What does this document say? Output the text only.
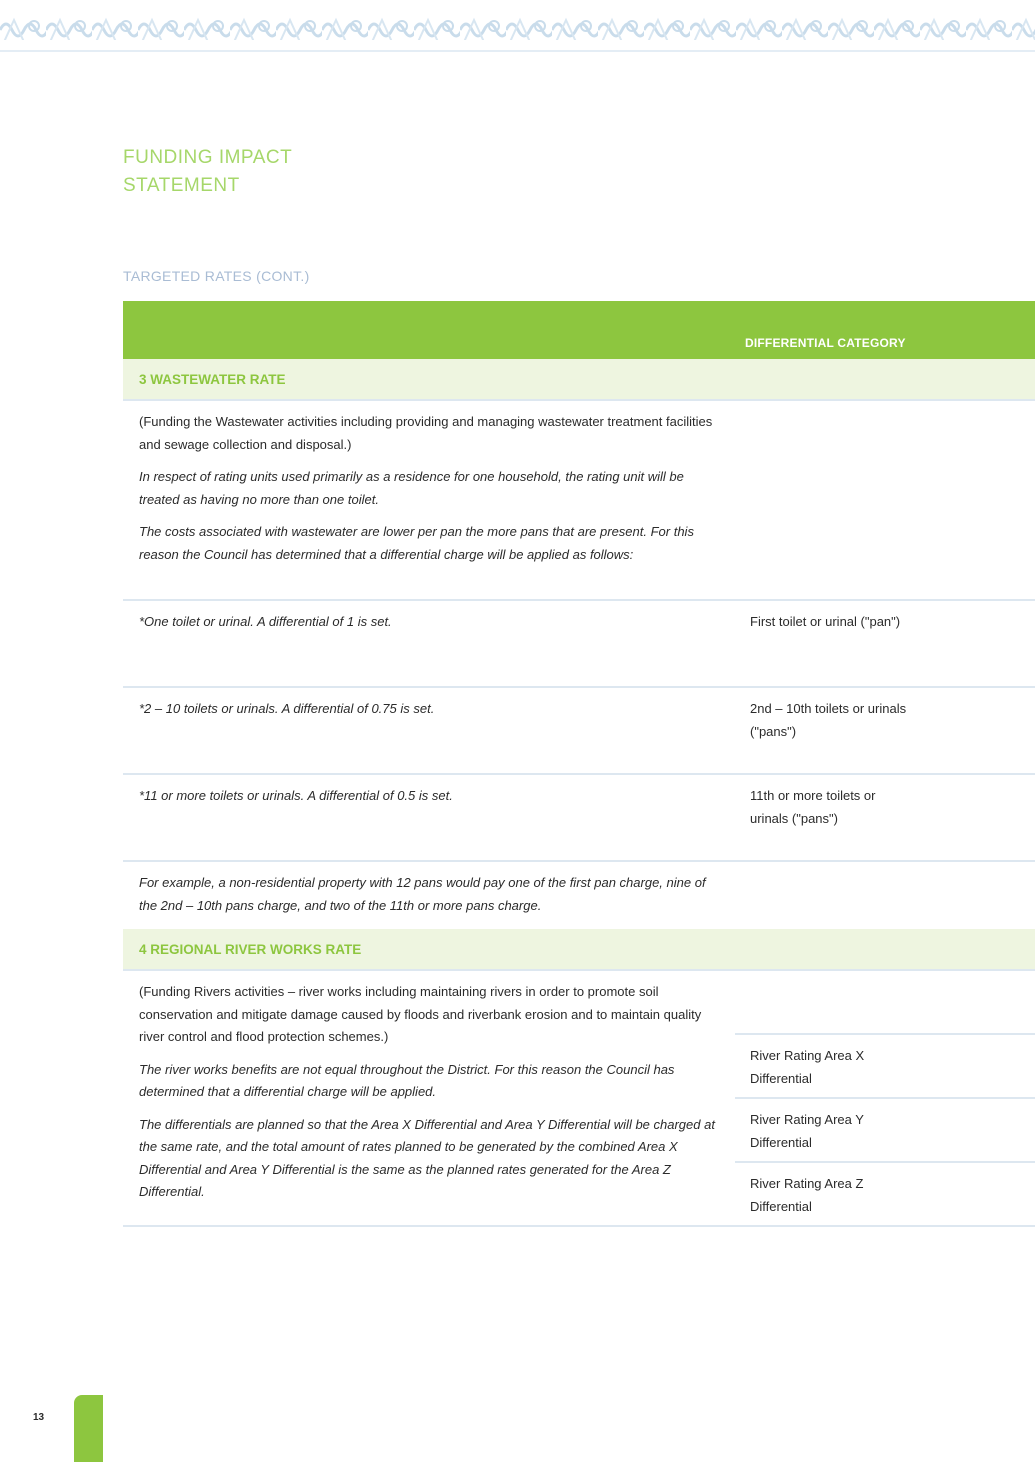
FUNDING IMPACT
STATEMENT
TARGETED RATES (CONT.)
DIFFERENTIAL CATEGORY
3 WASTEWATER RATE

(Funding the Wastewater activities including providing and managing wastewater treatment facilities and sewage collection and disposal.)

In respect of rating units used primarily as a residence for one household, the rating unit will be treated as having no more than one toilet.

The costs associated with wastewater are lower per pan the more pans that are present. For this reason the Council has determined that a differential charge will be applied as follows:

*One toilet or urinal. A differential of 1 is set.	First toilet or urinal ("pan")

*2 – 10 toilets or urinals. A differential of 0.75 is set.	2nd – 10th toilets or urinals ("pans")

*11 or more toilets or urinals. A differential of 0.5 is set.	11th or more toilets or urinals ("pans")

For example, a non-residential property with 12 pans would pay one of the first pan charge, nine of the 2nd – 10th pans charge, and two of the 11th or more pans charge.

4 REGIONAL RIVER WORKS RATE

(Funding Rivers activities – river works including maintaining rivers in order to promote soil conservation and mitigate damage caused by floods and riverbank erosion and to maintain quality river control and flood protection schemes.)

The river works benefits are not equal throughout the District. For this reason the Council has determined that a differential charge will be applied.

The differentials are planned so that the Area X Differential and Area Y Differential will be charged at the same rate, and the total amount of rates planned to be generated by the combined Area X Differential and Area Y Differential is the same as the planned rates generated for the Area Z Differential.

River Rating Area X Differential

River Rating Area Y Differential

River Rating Area Z Differential

13
